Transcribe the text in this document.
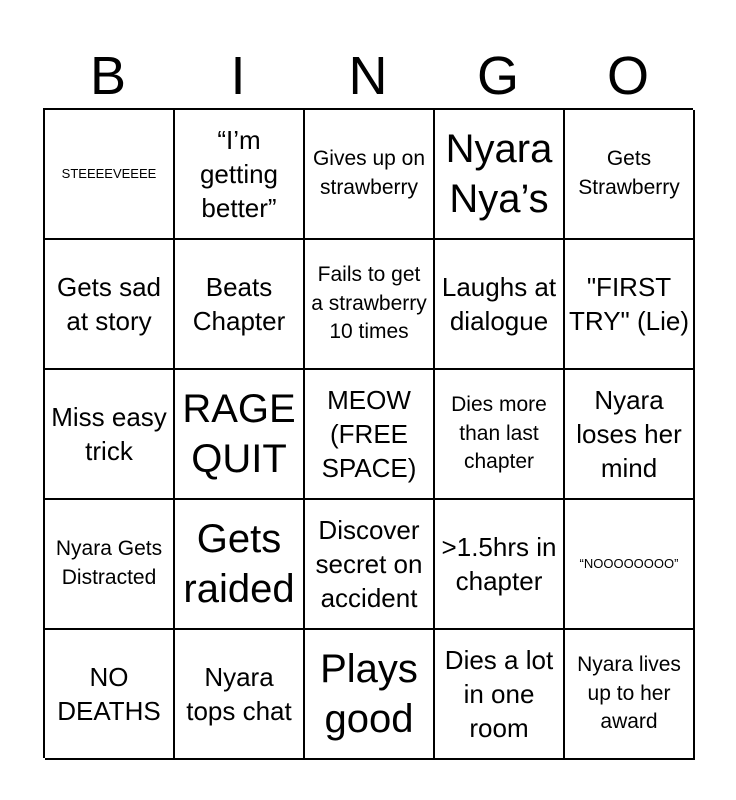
B	I	N	G	O
STEEEEVEEEE
“I’m getting better”
Gives up on strawberry
Nyara Nya’s
Gets Strawberry
Gets sad at story
Beats Chapter
Fails to get a strawberry 10 times
Laughs at dialogue
"FIRST TRY" (Lie)
Miss easy trick
RAGE QUIT
MEOW (FREE SPACE)
Dies more than last chapter
Nyara loses her mind
Nyara Gets Distracted
Gets raided
Discover secret on accident
>1.5hrs in chapter
“NOOOOOOOO”
NO DEATHS
Nyara tops chat
Plays good
Dies a lot in one room
Nyara lives up to her award
